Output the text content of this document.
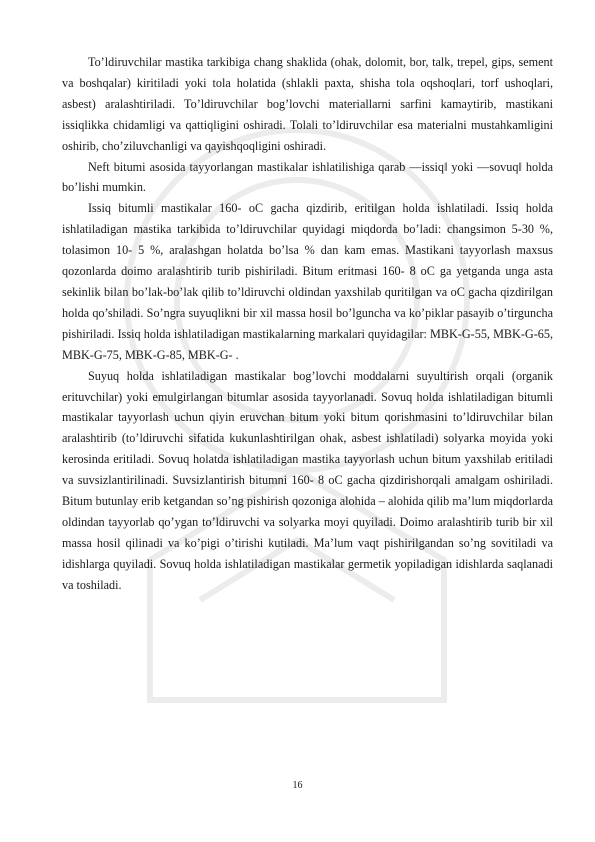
To’ldiruvchilar mastika tarkibiga chang shaklida (ohak, dolomit, bor, talk, trepel, gips, sement va boshqalar) kiritiladi yoki tola holatida (shlakli paxta, shisha tola oqshoqlari, torf ushoqlari, asbest) aralashtiriladi. To’ldiruvchilar bog’lovchi materiallarni sarfini kamaytirib, mastikani issiqlikka chidamligi va qattiqligini oshiradi. Tolali to’ldiruvchilar esa materialni mustahkamligini oshirib, cho’ziluvchanligi va qayishqoqligini oshiradi.

Neft bitumi asosida tayyorlangan mastikalar ishlatilishiga qarab ―issiq‖ yoki ―sovuq‖ holda bo’lishi mumkin.

Issiq bitumli mastikalar 160- oC gacha qizdirib, eritilgan holda ishlatiladi. Issiq holda ishlatiladigan mastika tarkibida to’ldiruvchilar quyidagi miqdorda bo’ladi: changsimon 5-30 %, tolasimon 10- 5 %, aralashgan holatda bo’lsa % dan kam emas. Mastikani tayyorlash maxsus qozonlarda doimo aralashtirib turib pishiriladi. Bitum eritmasi 160- 8 oC ga yetganda unga asta sekinlik bilan bo’lak-bo’lak qilib to’ldiruvchi oldindan yaxshilab quritilgan va oC gacha qizdirilgan holda qo’shiladi. So’ngra suyuqlikni bir xil massa hosil bo’lguncha va ko’piklar pasayib o’tirguncha pishiriladi. Issiq holda ishlatiladigan mastikalarning markalari quyidagilar: MBK-G-55, MBK-G-65, MBK-G-75, MBK-G-85, MBK-G- .

Suyuq holda ishlatiladigan mastikalar bog’lovchi moddalarni suyultirish orqali (organik erituvchilar) yoki emulgirlangan bitumlar asosida tayyorlanadi. Sovuq holda ishlatiladigan bitumli mastikalar tayyorlash uchun qiyin eruvchan bitum yoki bitum qorishmasini to’ldiruvchilar bilan aralashtirib (to’ldiruvchi sifatida kukunlashtirilgan ohak, asbest ishlatiladi) solyarka moyida yoki kerosinda eritiladi. Sovuq holatda ishlatiladigan mastika tayyorlash uchun bitum yaxshilab eritiladi va suvsizlantirilinadi. Suvsizlantirish bitumni 160- 8 oC gacha qizdirishorqali amalgam oshiriladi. Bitum butunlay erib ketgandan so’ng pishirish qozoniga alohida – alohida qilib ma’lum miqdorlarda oldindan tayyorlab qo’ygan to’ldiruvchi va solyarka moyi quyiladi. Doimo aralashtirib turib bir xil massa hosil qilinadi va ko’pigi o’tirishi kutiladi. Ma’lum vaqt pishirilgandan so’ng sovitiladi va idishlarga quyiladi. Sovuq holda ishlatiladigan mastikalar germetik yopiladigan idishlarda saqlanadi va toshiladi.

16
